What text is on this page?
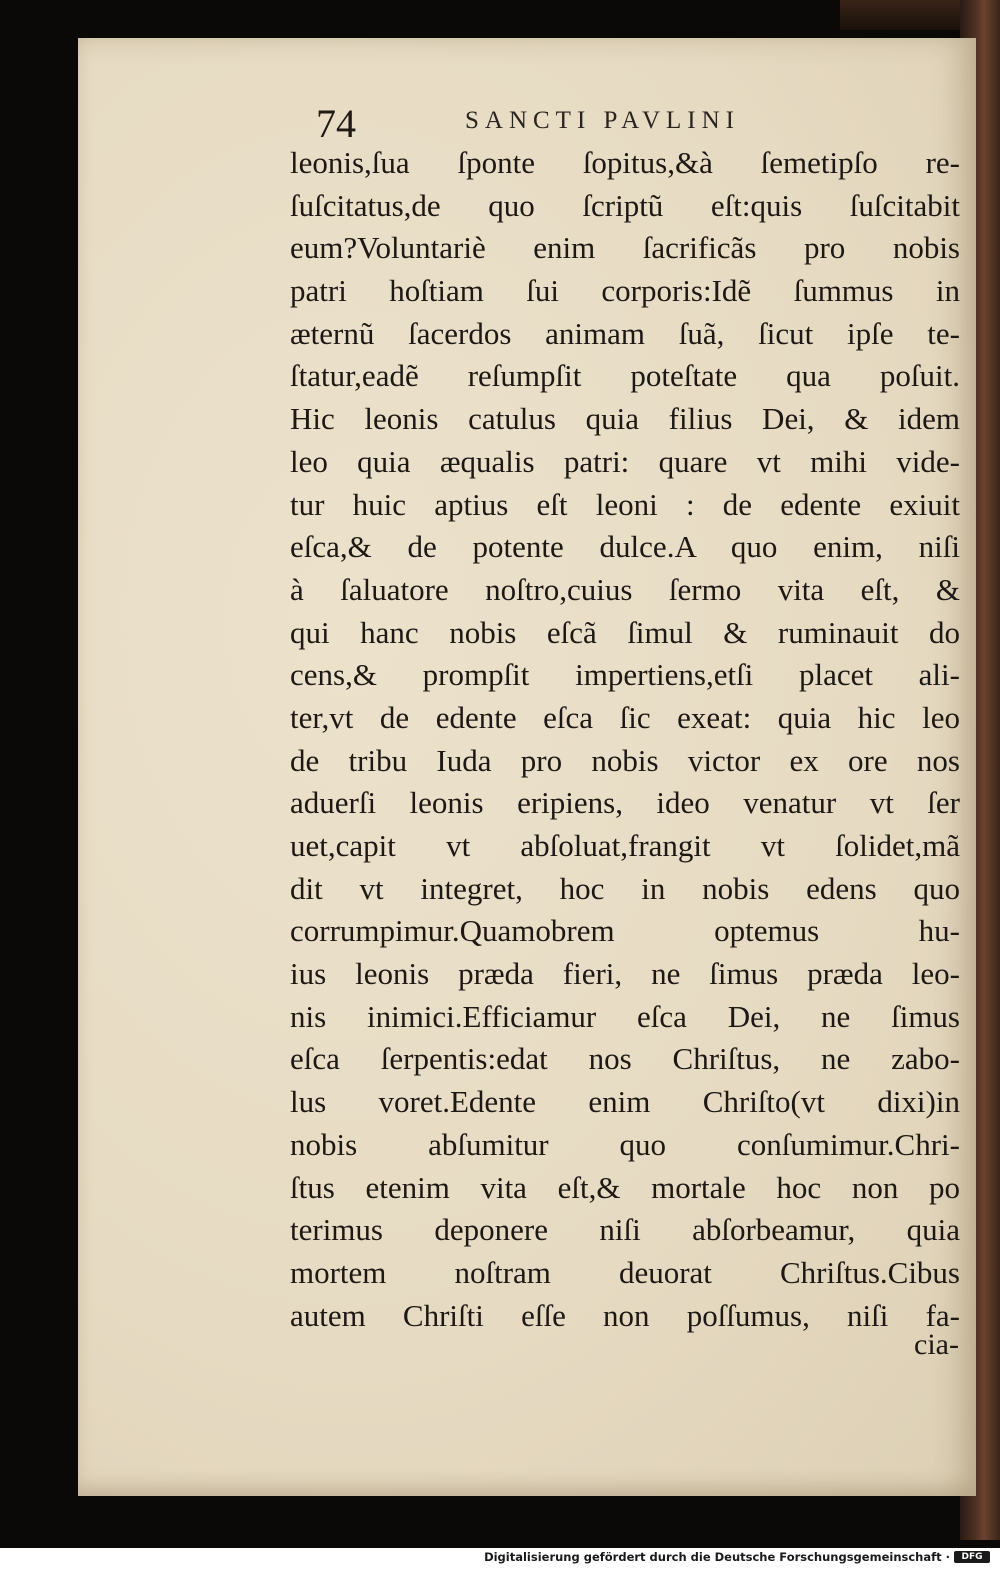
74	SANCTI PAVLINI
leonis,ſua ſponte ſopitus,&à ſemetipſo re-
ſuſcitatus,de quo ſcriptũ eſt:quis ſuſcitabit
eum?Voluntariè enim ſacrificãs pro nobis
patri hoſtiam ſui corporis:Idẽ ſummus in
æternũ ſacerdos animam ſuã, ſicut ipſe te-
ſtatur,eadẽ reſumpſit poteſtate qua poſuit.
Hic leonis catulus quia filius Dei, & idem
leo quia æqualis patri: quare vt mihi vide-
tur huic aptius eſt leoni : de edente exiuit
eſca,& de potente dulce.A quo enim, niſi
à ſaluatore noſtro,cuius ſermo vita eſt, &
qui hanc nobis eſcã ſimul & ruminauit do
cens,& prompſit impertiens,etſi placet ali-
ter,vt de edente eſca ſic exeat: quia hic leo
de tribu Iuda pro nobis victor ex ore nos
aduerſi leonis eripiens, ideo venatur vt ſer
uet,capit vt abſoluat,frangit vt ſolidet,mã
dit vt integret, hoc in nobis edens quo
corrumpimur.Quamobrem optemus hu-
ius leonis præda fieri, ne ſimus præda leo-
nis inimici.Efficiamur eſca Dei, ne ſimus
eſca ſerpentis:edat nos Chriſtus, ne zabo-
lus voret.Edente enim Chriſto(vt dixi)in
nobis abſumitur quo conſumimur.Chri-
ſtus etenim vita eſt,& mortale hoc non po
terimus deponere niſi abſorbeamur, quia
mortem noſtram deuorat Chriſtus.Cibus
autem Chriſti eſſe non poſſumus, niſi fa-
cia-
Digitalisierung gefördert durch die Deutsche Forschungsgemeinschaft ·	DFG
